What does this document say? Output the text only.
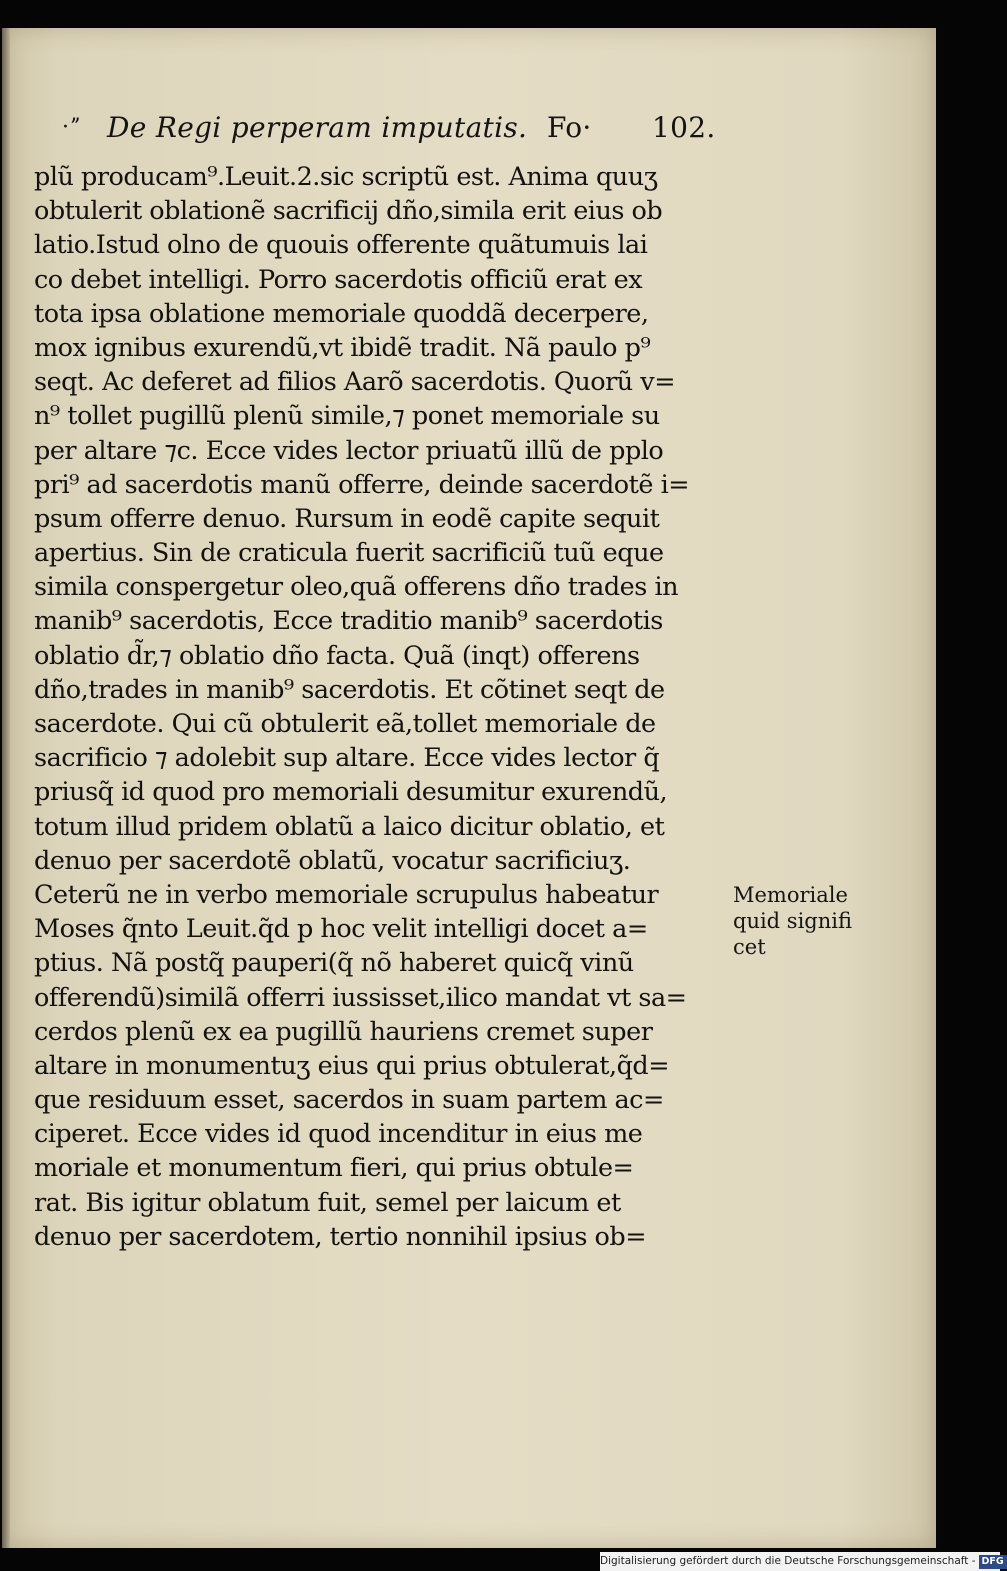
·ˮ De Regi perperam imputatis. Fo· 102.
plũ producam⁹.Leuit.2.sic scriptũ est. Anima quuʒ
obtulerit oblationẽ sacrificij dño,simila erit eius ob
latio.Istud olno de quouis offerente quãtumuis lai
co debet intelligi. Porro sacerdotis officiũ erat ex
tota ipsa oblatione memoriale quoddã decerpere,
mox ignibus exurendũ,vt ibidẽ tradit. Nã paulo p⁹
seqt. Ac deferet ad filios Aarõ sacerdotis. Quorũ v=
n⁹ tollet pugillũ plenũ simile,⁊ ponet memoriale su
per altare ⁊c. Ecce vides lector priuatũ illũ de pplo
pri⁹ ad sacerdotis manũ offerre, deinde sacerdotẽ i=
psum offerre denuo. Rursum in eodẽ capite sequit
apertius. Sin de craticula fuerit sacrificiũ tuũ eque
simila conspergetur oleo,quã offerens dño trades in
manib⁹ sacerdotis, Ecce traditio manib⁹ sacerdotis
oblatio d̃r,⁊ oblatio dño facta. Quã (inqt) offerens
dño,trades in manib⁹ sacerdotis. Et cõtinet seqt de
sacerdote. Qui cũ obtulerit eã,tollet memoriale de
sacrificio ⁊ adolebit sup altare. Ecce vides lector q̃
priusq̃ id quod pro memoriali desumitur exurendũ,
totum illud pridem oblatũ a laico dicitur oblatio, et
denuo per sacerdotẽ oblatũ, vocatur sacrificiuʒ.
Ceterũ ne in verbo memoriale scrupulus habeatur
Moses q̃nto Leuit.q̃d p hoc velit intelligi docet a=
ptius. Nã postq̃ pauperi(q̃ nõ haberet quicq̃ vinũ
offerendũ)similã offerri iussisset,ilico mandat vt sa=
cerdos plenũ ex ea pugillũ hauriens cremet super
altare in monumentuʒ eius qui prius obtulerat,q̃d=
que residuum esset, sacerdos in suam partem ac=
ciperet. Ecce vides id quod incenditur in eius me
moriale et monumentum fieri, qui prius obtule=
rat. Bis igitur oblatum fuit, semel per laicum et
denuo per sacerdotem, tertio nonnihil ipsius ob=
Memoriale
quid signifi
cet
Digitalisierung gefördert durch die Deutsche Forschungsgemeinschaft - DFG
